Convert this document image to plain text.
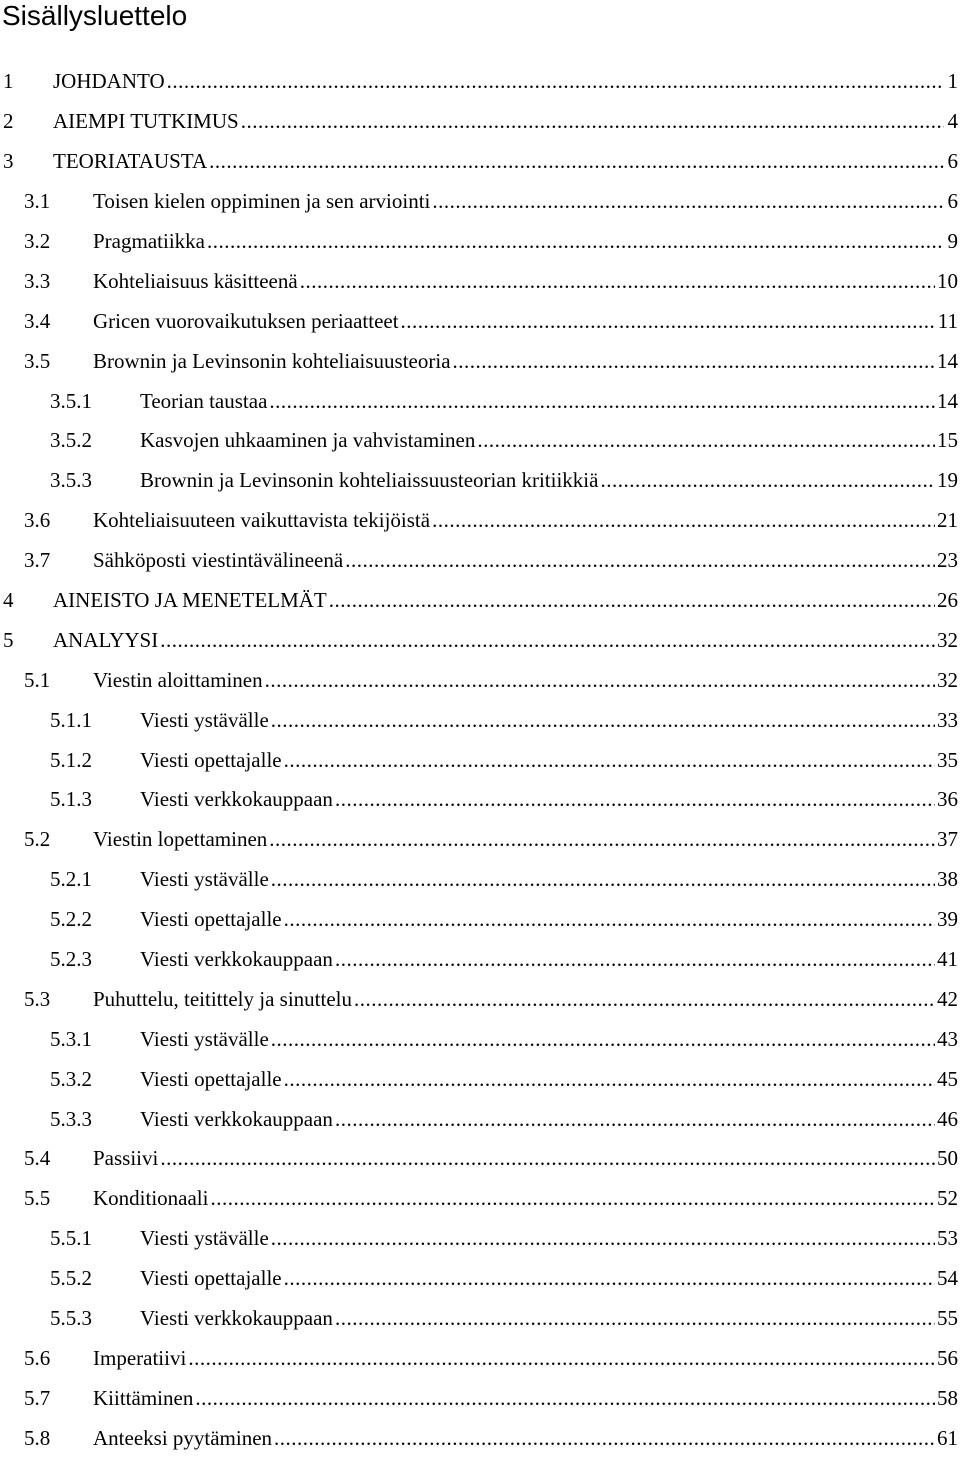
Sisällysluettelo
1	JOHDANTO .....	1
2	AIEMPI TUTKIMUS .....	4
3	TEORIATAUSTA .....	6
3.1	Toisen kielen oppiminen ja sen arviointi .....	6
3.2	Pragmatiikka .....	9
3.3	Kohteliaisuus käsitteenä .....	10
3.4	Gricen vuorovaikutuksen periaatteet .....	11
3.5	Brownin ja Levinsonin kohteliaisuusteoria .....	14
3.5.1	Teorian taustaa .....	14
3.5.2	Kasvojen uhkaaminen ja vahvistaminen .....	15
3.5.3	Brownin ja Levinsonin kohteliaissuusteorian kritiikkiä .....	19
3.6	Kohteliaisuuteen vaikuttavista tekijöistä .....	21
3.7	Sähköposti viestintävälineenä .....	23
4	AINEISTO JA MENETELMÄT .....	26
5	ANALYYSI .....	32
5.1	Viestin aloittaminen .....	32
5.1.1	Viesti ystävälle .....	33
5.1.2	Viesti opettajalle .....	35
5.1.3	Viesti verkkokauppaan .....	36
5.2	Viestin lopettaminen .....	37
5.2.1	Viesti ystävälle .....	38
5.2.2	Viesti opettajalle .....	39
5.2.3	Viesti verkkokauppaan .....	41
5.3	Puhuttelu, teitittely ja sinuttelu .....	42
5.3.1	Viesti ystävälle .....	43
5.3.2	Viesti opettajalle .....	45
5.3.3	Viesti verkkokauppaan .....	46
5.4	Passiivi .....	50
5.5	Konditionaali .....	52
5.5.1	Viesti ystävälle .....	53
5.5.2	Viesti opettajalle .....	54
5.5.3	Viesti verkkokauppaan .....	55
5.6	Imperatiivi .....	56
5.7	Kiittäminen .....	58
5.8	Anteeksi pyytäminen .....	61
